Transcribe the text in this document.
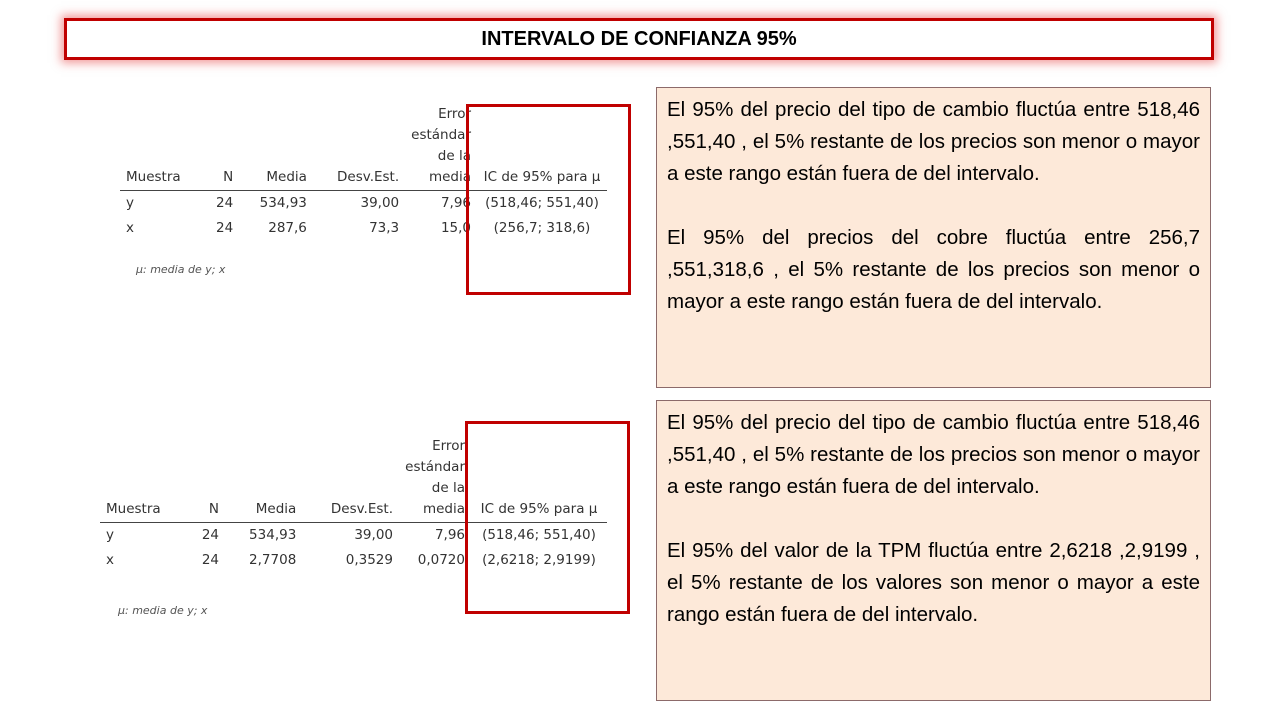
INTERVALO DE CONFIANZA 95%
Muestra	N	Media	Desv.Est.	Error estándar de la media	IC de 95% para μ
y	24	534,93	39,00	7,96	(518,46; 551,40)
x	24	287,6	73,3	15,0	(256,7; 318,6)
μ: media de y; x
Muestra	N	Media	Desv.Est.	Error estándar de la media	IC de 95% para μ
y	24	534,93	39,00	7,96	(518,46; 551,40)
x	24	2,7708	0,3529	0,0720	(2,6218; 2,9199)
μ: media de y; x

El 95% del precio del tipo de cambio fluctúa entre 518,46 ,551,40 , el 5% restante de los precios son menor o mayor a este rango están fuera de del intervalo.

El 95% del precios del cobre fluctúa entre 256,7 ,551,318,6 , el 5% restante de los precios son menor o mayor a este rango están fuera de del intervalo.

El 95% del precio del tipo de cambio fluctúa entre 518,46 ,551,40 , el 5% restante de los precios son menor o mayor a este rango están fuera de del intervalo.

El 95% del valor de la TPM fluctúa entre 2,6218 ,2,9199 , el 5% restante de los valores son menor o mayor a este rango están fuera de del intervalo.
